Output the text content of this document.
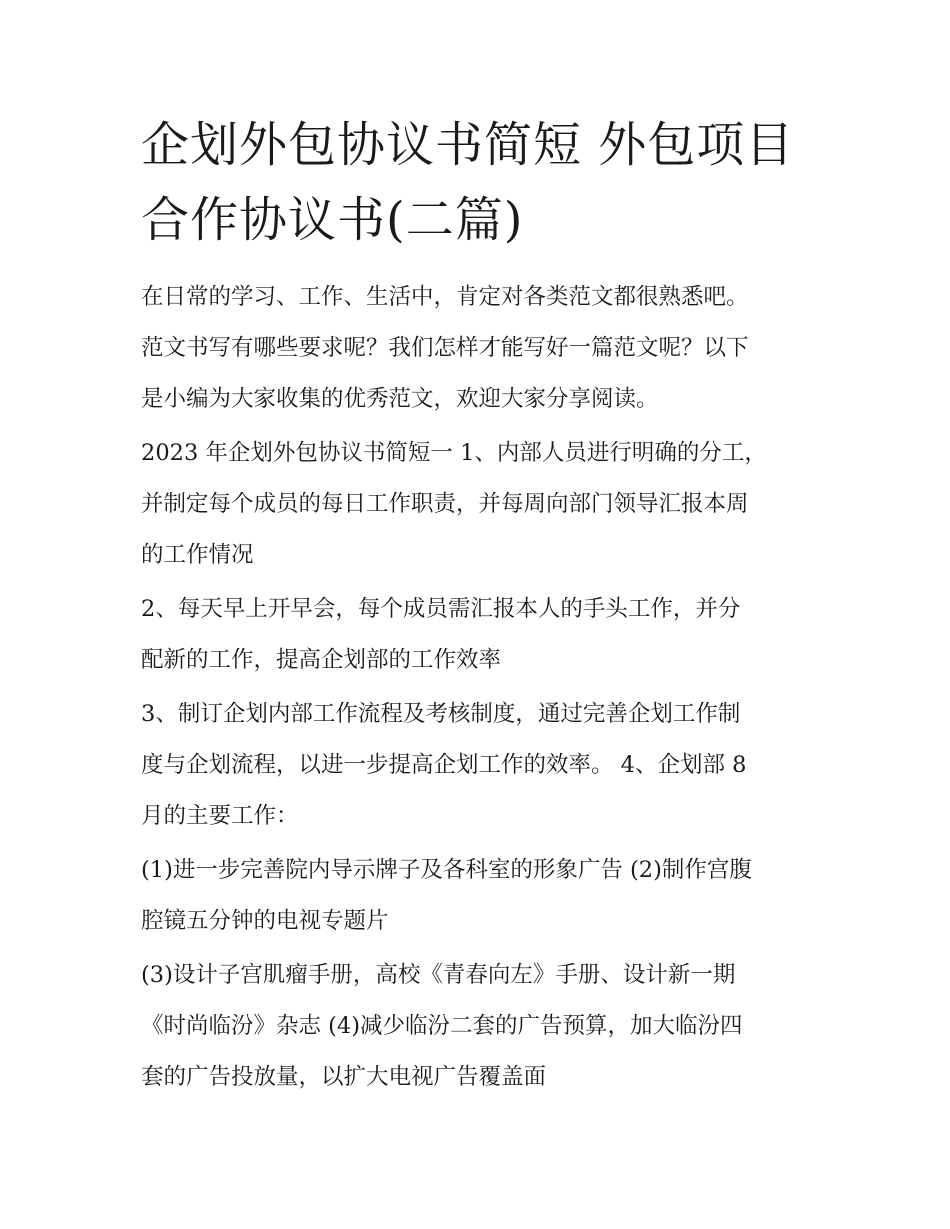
企划外包协议书简短 外包项目
合作协议书(二篇)

在日常的学习、工作、生活中，肯定对各类范文都很熟悉吧。
范文书写有哪些要求呢？我们怎样才能写好一篇范文呢？以下
是小编为大家收集的优秀范文，欢迎大家分享阅读。

2023 年企划外包协议书简短一 1、内部人员进行明确的分工，
并制定每个成员的每日工作职责，并每周向部门领导汇报本周
的工作情况

2、每天早上开早会，每个成员需汇报本人的手头工作，并分
配新的工作，提高企划部的工作效率

3、制订企划内部工作流程及考核制度，通过完善企划工作制
度与企划流程，以进一步提高企划工作的效率。 4、企划部 8
月的主要工作：

(1)进一步完善院内导示牌子及各科室的形象广告 (2)制作宫腹
腔镜五分钟的电视专题片

(3)设计子宫肌瘤手册，高校《青春向左》手册、设计新一期
《时尚临汾》杂志 (4)减少临汾二套的广告预算，加大临汾四
套的广告投放量，以扩大电视广告覆盖面
